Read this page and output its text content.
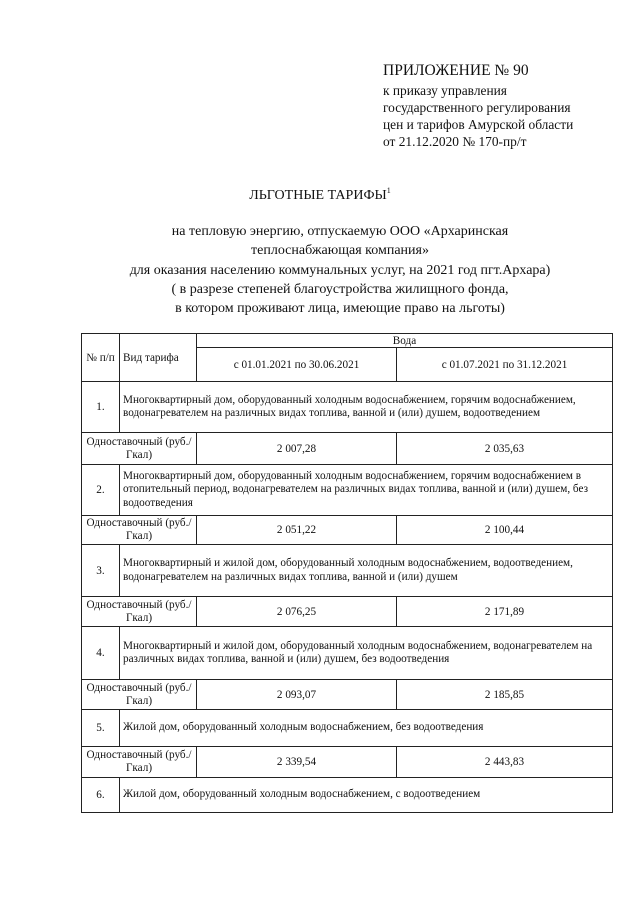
ПРИЛОЖЕНИЕ № 90
к приказу управления
государственного регулирования
цен и тарифов Амурской области
от 21.12.2020 № 170-пр/т
ЛЬГОТНЫЕ ТАРИФЫ$^1$
на тепловую энергию, отпускаемую ООО «Архаринская
теплоснабжающая компания»
для оказания населению коммунальных услуг, на 2021 год пгт.Архара)
( в разрезе степеней благоустройства жилищного фонда,
в котором проживают лица, имеющие право на льготы)
№ п/п	Вид тарифа	Вода	
		с 01.01.2021 по 30.06.2021	с 01.07.2021 по 31.12.2021
1.	Многоквартирный дом, оборудованный холодным водоснабжением, горячим водоснабжением, водонагревателем на различных видах топлива, ванной и (или) душем, водоотведением		
Одноставочный (руб./Гкал)		2 007,28	2 035,63
2.	Многоквартирный дом, оборудованный холодным водоснабжением, горячим водоснабжением в отопительный период, водонагревателем на различных видах топлива, ванной и (или) душем, без водоотведения		
Одноставочный (руб./Гкал)		2 051,22	2 100,44
3.	Многоквартирный и жилой дом, оборудованный холодным водоснабжением, водоотведением, водонагревателем на различных видах топлива, ванной и (или) душем		
Одноставочный (руб./Гкал)		2 076,25	2 171,89
4.	Многоквартирный и жилой дом, оборудованный холодным водоснабжением, водонагревателем на различных видах топлива, ванной и (или) душем, без водоотведения		
Одноставочный (руб./Гкал)		2 093,07	2 185,85
5.	Жилой дом, оборудованный холодным водоснабжением, без водоотведения		
Одноставочный (руб./Гкал)		2 339,54	2 443,83
6.	Жилой дом, оборудованный холодным водоснабжением, с водоотведением		
